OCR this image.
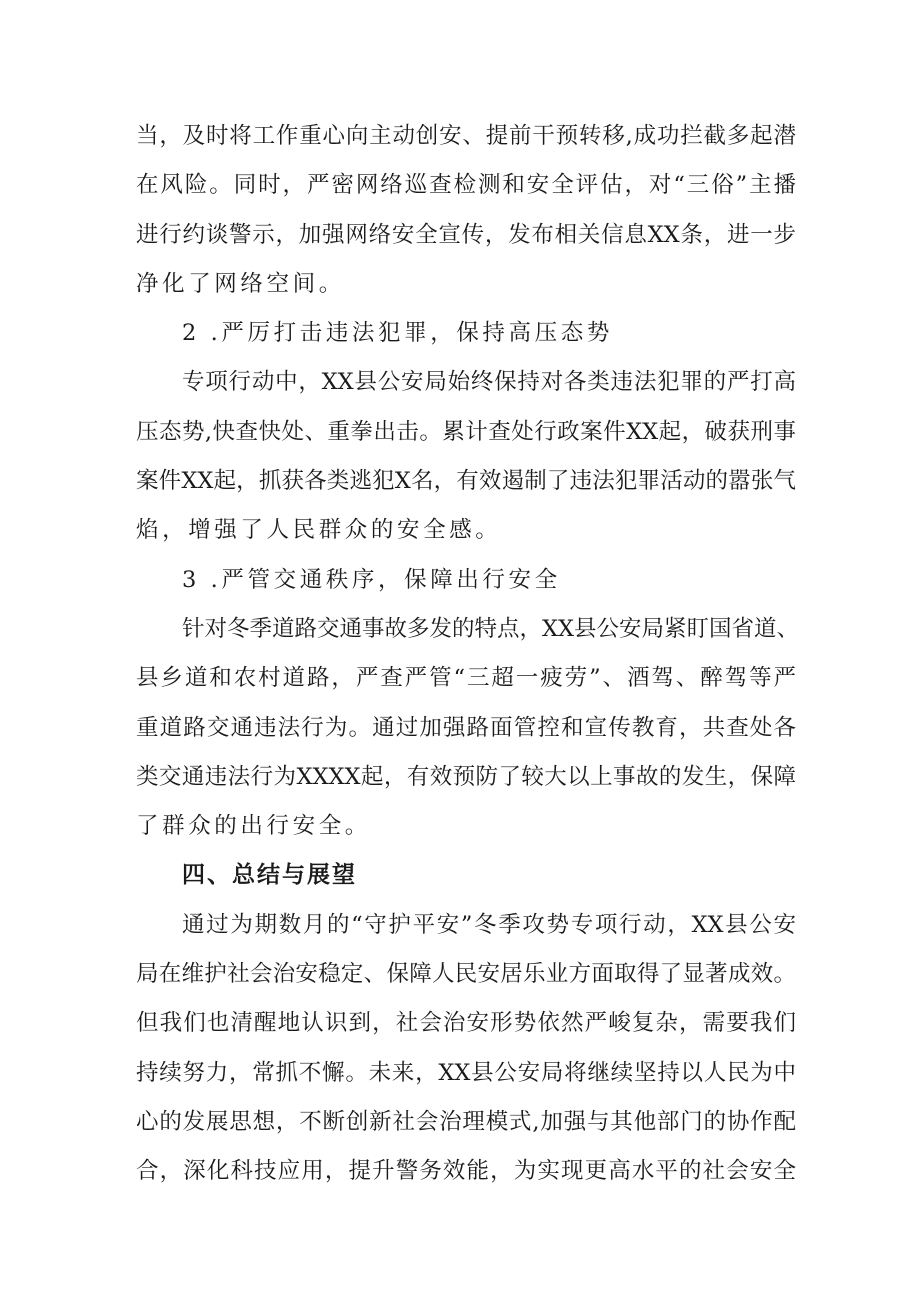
当，及时将工作重心向主动创安、提前干预转移,成功拦截多起潜
在风险。同时，严密网络巡查检测和安全评估，对“三俗”主播
进行约谈警示，加强网络安全宣传，发布相关信息XX条，进一步
净化了网络空间。
2 .严厉打击违法犯罪，保持高压态势
专项行动中，XX县公安局始终保持对各类违法犯罪的严打高
压态势,快查快处、重拳出击。累计查处行政案件XX起，破获刑事
案件XX起，抓获各类逃犯X名，有效遏制了违法犯罪活动的嚣张气
焰，增强了人民群众的安全感。
3 .严管交通秩序，保障出行安全
针对冬季道路交通事故多发的特点，XX县公安局紧盯国省道、
县乡道和农村道路，严查严管“三超一疲劳”、酒驾、醉驾等严
重道路交通违法行为。通过加强路面管控和宣传教育，共查处各
类交通违法行为XXXX起，有效预防了较大以上事故的发生，保障
了群众的出行安全。
四、总结与展望
通过为期数月的“守护平安”冬季攻势专项行动，XX县公安
局在维护社会治安稳定、保障人民安居乐业方面取得了显著成效。
但我们也清醒地认识到，社会治安形势依然严峻复杂，需要我们
持续努力，常抓不懈。未来，XX县公安局将继续坚持以人民为中
心的发展思想，不断创新社会治理模式,加强与其他部门的协作配
合，深化科技应用，提升警务效能，为实现更高水平的社会安全
